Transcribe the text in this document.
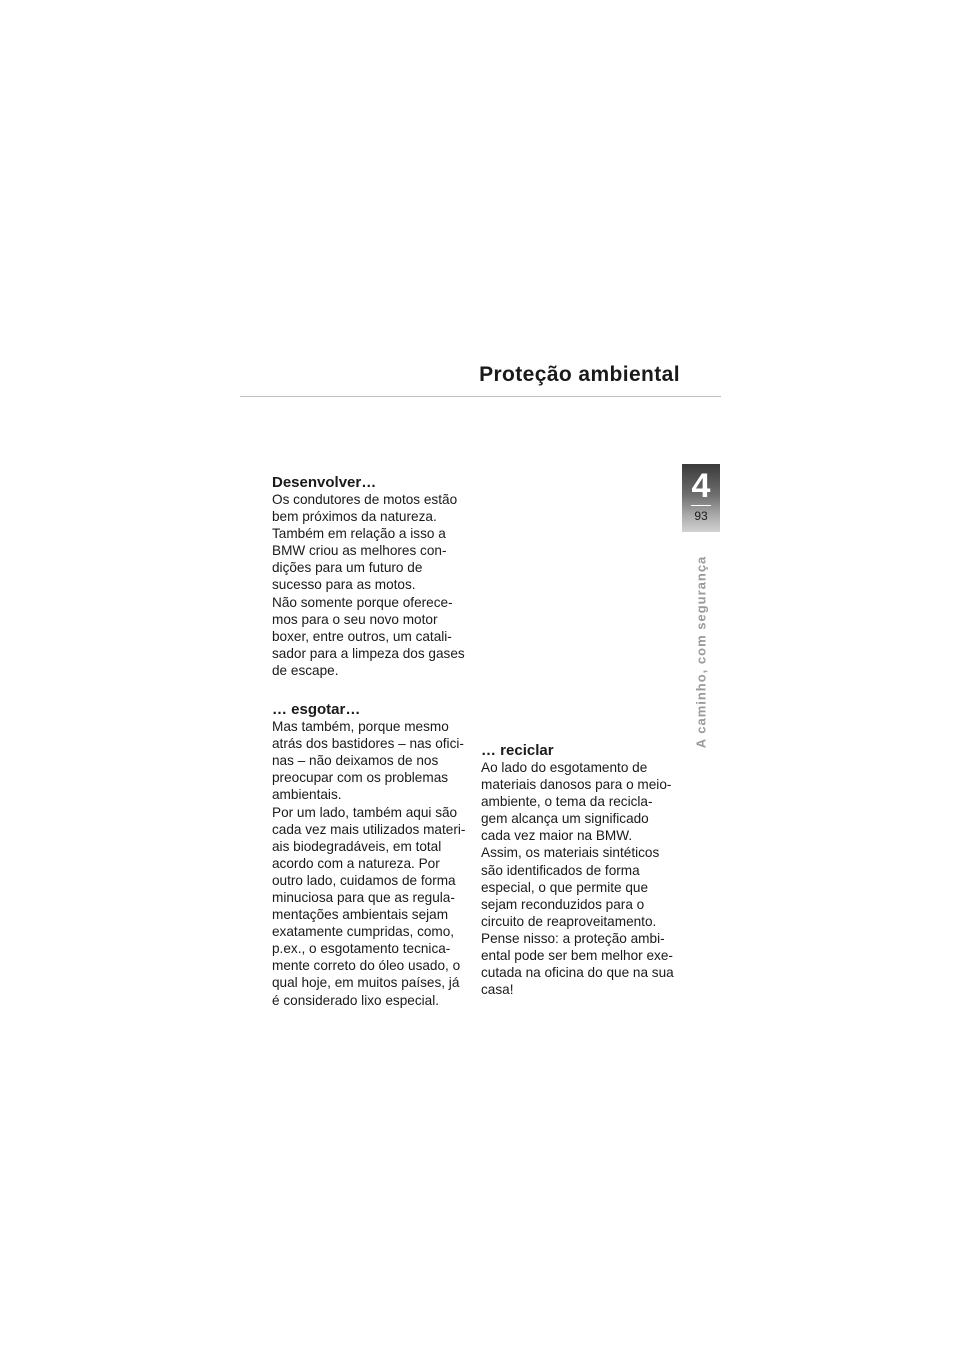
Proteção ambiental
4
93
A caminho, com segurança
Desenvolver…

Os condutores de motos estão
bem próximos da natureza.
Também em relação a isso a
BMW criou as melhores con-
dições para um futuro de
sucesso para as motos.
Não somente porque oferece-
mos para o seu novo motor
boxer, entre outros, um catali-
sador para a limpeza dos gases
de escape.

… esgotar…

Mas também, porque mesmo
atrás dos bastidores – nas ofici-
nas – não deixamos de nos
preocupar com os problemas
ambientais.
Por um lado, também aqui são
cada vez mais utilizados materi-
ais biodegradáveis, em total
acordo com a natureza. Por
outro lado, cuidamos de forma
minuciosa para que as regula-
mentações ambientais sejam
exatamente cumpridas, como,
p.ex., o esgotamento tecnica-
mente correto do óleo usado, o
qual hoje, em muitos países, já
é considerado lixo especial.

… reciclar

Ao lado do esgotamento de
materiais danosos para o meio-
ambiente, o tema da recicla-
gem alcança um significado
cada vez maior na BMW.
Assim, os materiais sintéticos
são identificados de forma
especial, o que permite que
sejam reconduzidos para o
circuito de reaproveitamento.
Pense nisso: a proteção ambi-
ental pode ser bem melhor exe-
cutada na oficina do que na sua
casa!
